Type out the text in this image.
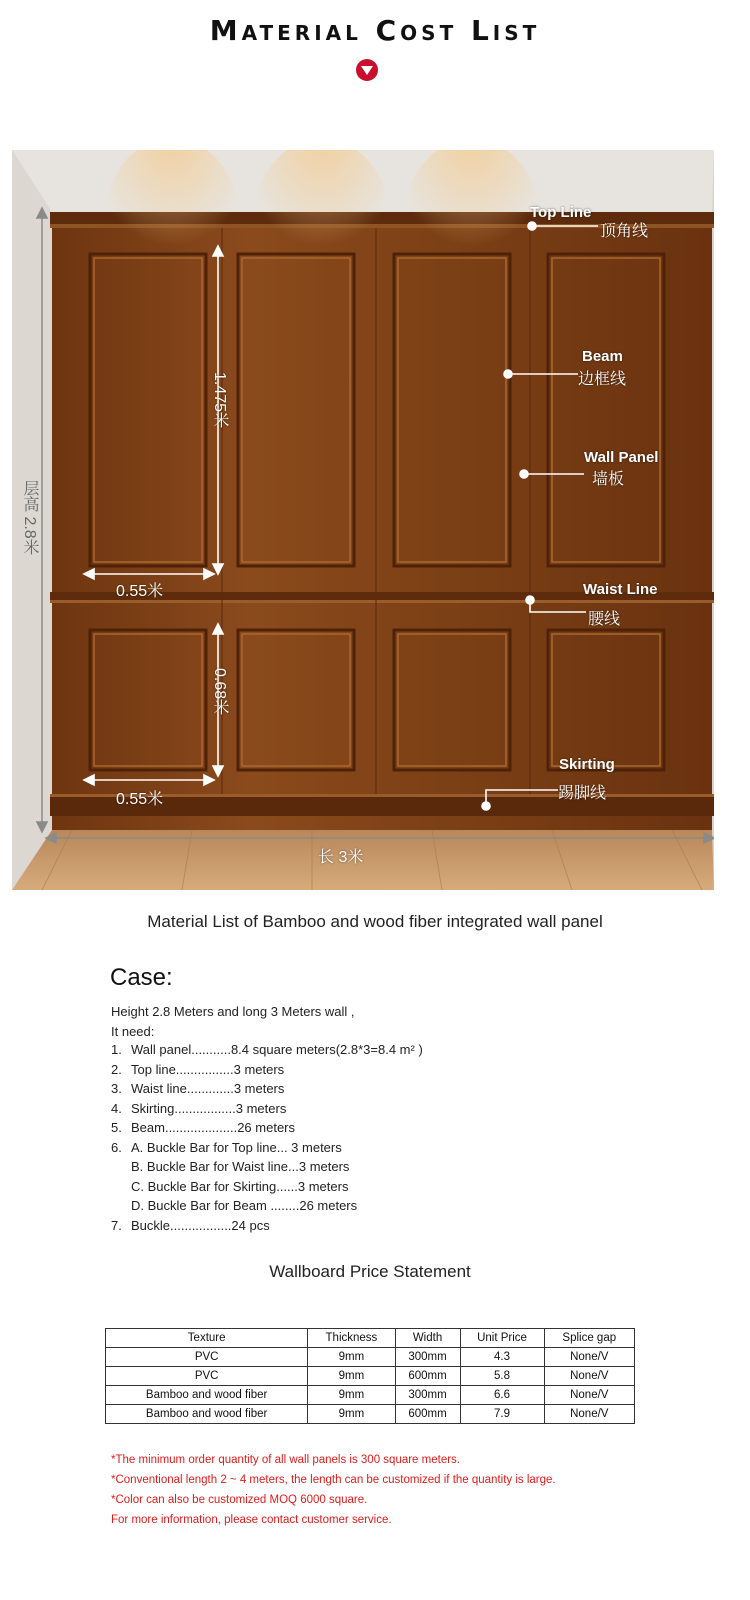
Material Cost List
Top Line
顶角线
Beam
边框线
Wall Panel
墙板
Waist Line
腰线
Skirting
踢脚线
1.475米
0.68米
0.55米
0.55米
层高 2.8米
长 3米
Material List of Bamboo and wood fiber integrated wall panel
Case:
Height 2.8 Meters and long 3 Meters wall ,
It need:
1. Wall panel...........8.4 square meters(2.8*3=8.4 m² )
2. Top line................3 meters
3. Waist line.............3 meters
4. Skirting.................3 meters
5. Beam....................26 meters
6. A. Buckle Bar for Top line... 3 meters
B. Buckle Bar for Waist line...3 meters
C. Buckle Bar for Skirting......3 meters
D. Buckle Bar for Beam ........26 meters
7. Buckle.................24 pcs
Wallboard Price Statement
Texture	Thickness	Width	Unit Price	Splice gap
PVC	9mm	300mm	4.3	None/V
PVC	9mm	600mm	5.8	None/V
Bamboo and wood fiber	9mm	300mm	6.6	None/V
Bamboo and wood fiber	9mm	600mm	7.9	None/V
*The minimum order quantity of all wall panels is 300 square meters.
*Conventional length 2 ~ 4 meters, the length can be customized if the quantity is large.
*Color can also be customized MOQ 6000 square.
For more information, please contact customer service.
